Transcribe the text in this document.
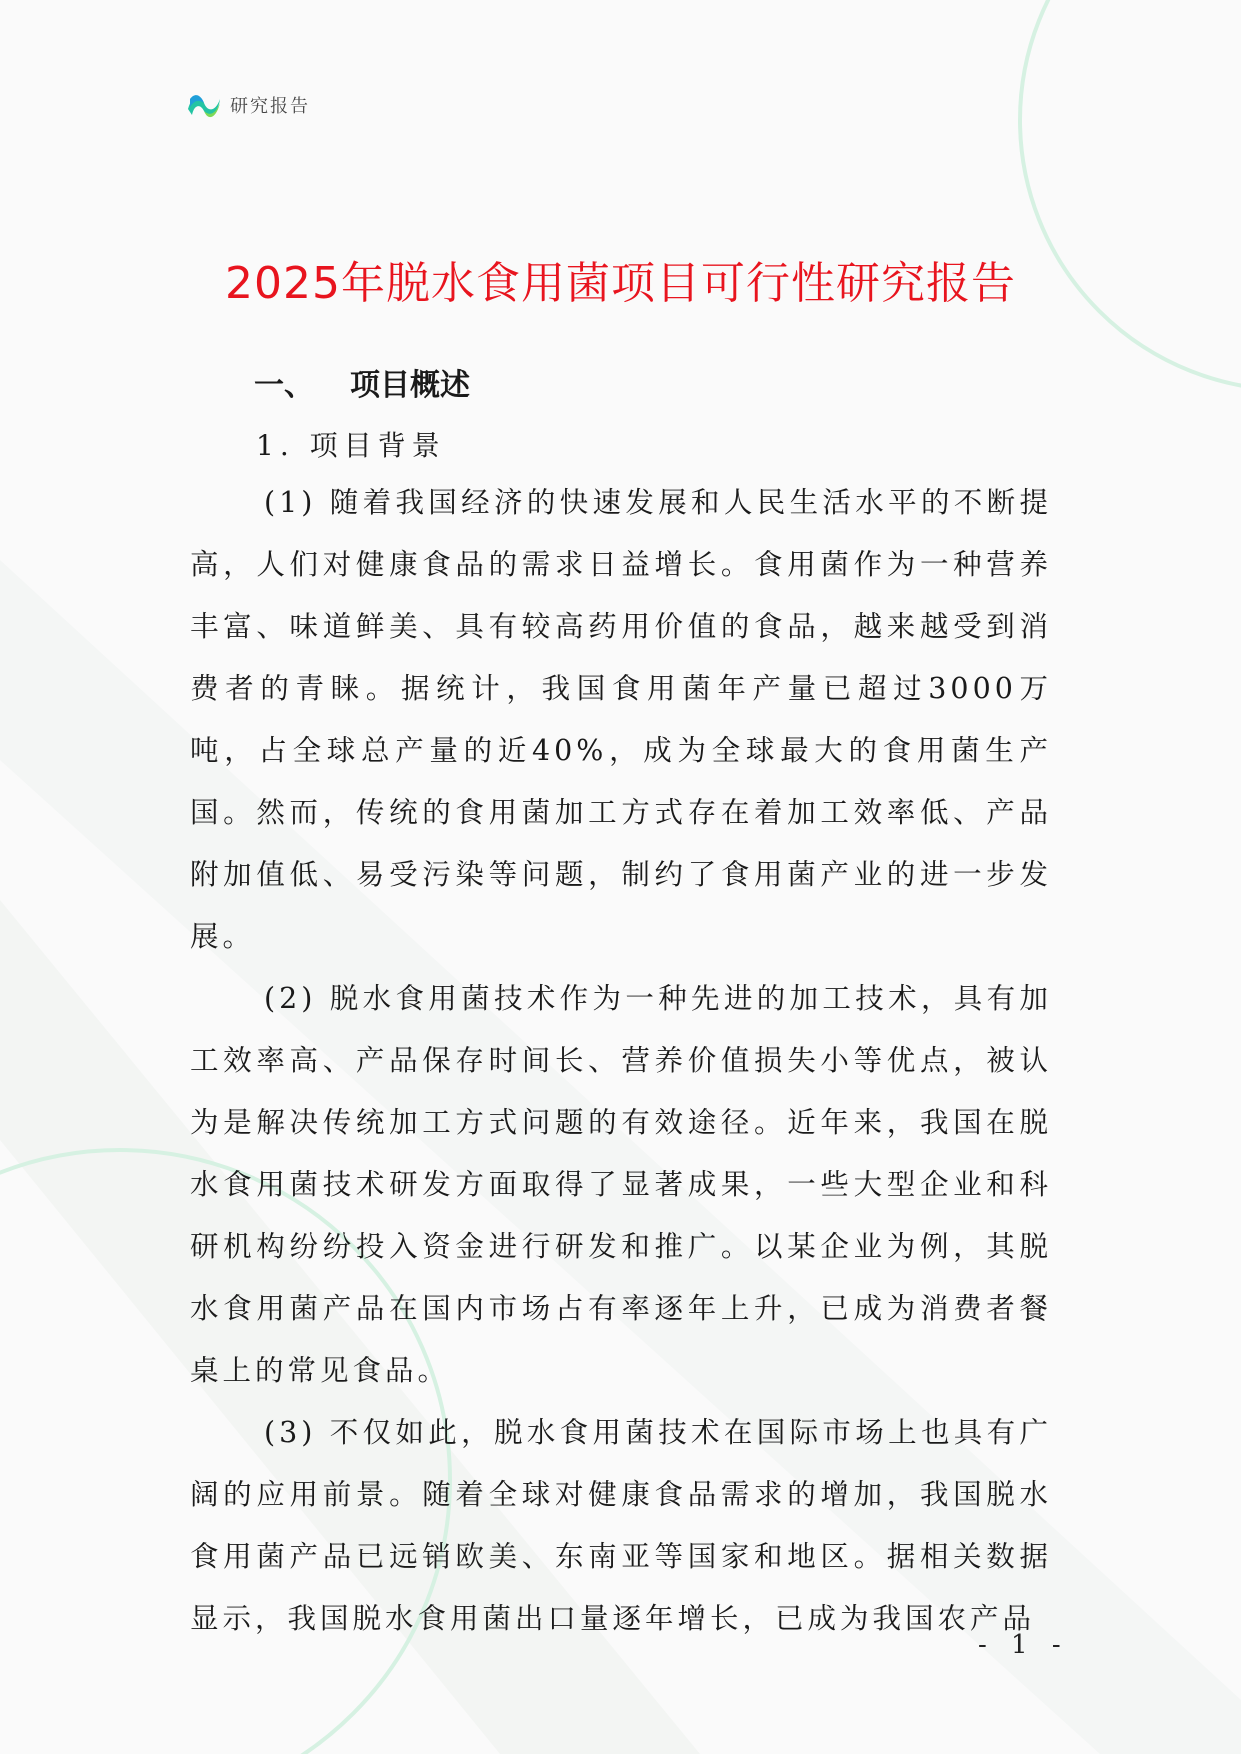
研究报告
2025年脱水食用菌项目可行性研究报告
一、 项目概述
1. 项目背景

(1) 随着我国经济的快速发展和人民生活水平的不断提高，人们对健康食品的需求日益增长。食用菌作为一种营养丰富、味道鲜美、具有较高药用价值的食品，越来越受到消费者的青睐。据统计，我国食用菌年产量已超过3000万吨，占全球总产量的近40%，成为全球最大的食用菌生产国。然而，传统的食用菌加工方式存在着加工效率低、产品附加值低、易受污染等问题，制约了食用菌产业的进一步发展。

(2) 脱水食用菌技术作为一种先进的加工技术，具有加工效率高、产品保存时间长、营养价值损失小等优点，被认为是解决传统加工方式问题的有效途径。近年来，我国在脱水食用菌技术研发方面取得了显著成果，一些大型企业和科研机构纷纷投入资金进行研发和推广。以某企业为例，其脱水食用菌产品在国内市场占有率逐年上升，已成为消费者餐桌上的常见食品。

(3) 不仅如此，脱水食用菌技术在国际市场上也具有广阔的应用前景。随着全球对健康食品需求的增加，我国脱水食用菌产品已远销欧美、东南亚等国家和地区。据相关数据显示，我国脱水食用菌出口量逐年增长，已成为我国农产品

- 1 -
